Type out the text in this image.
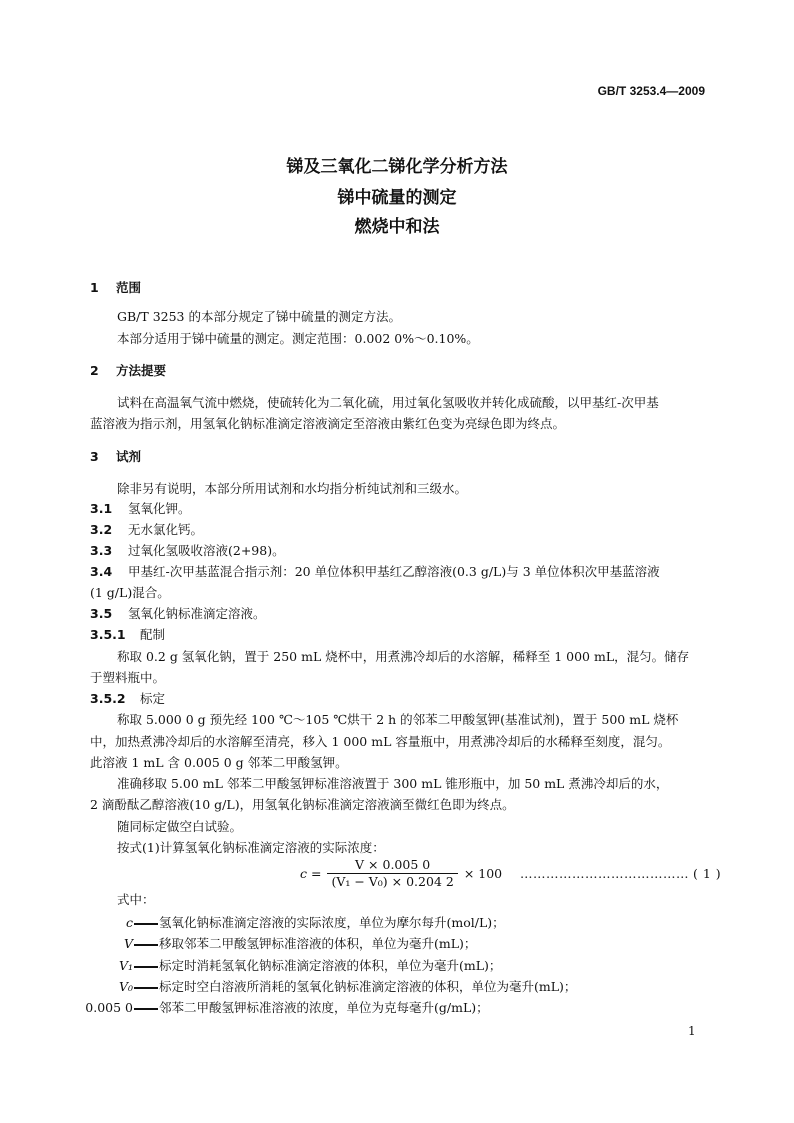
GB/T 3253.4—2009
锑及三氧化二锑化学分析方法
锑中硫量的测定
燃烧中和法
1 范围
GB/T 3253 的本部分规定了锑中硫量的测定方法。
本部分适用于锑中硫量的测定。测定范围：0.002 0%～0.10%。
2 方法提要
试料在高温氧气流中燃烧，使硫转化为二氧化硫，用过氧化氢吸收并转化成硫酸，以甲基红-次甲基
蓝溶液为指示剂，用氢氧化钠标准滴定溶液滴定至溶液由紫红色变为亮绿色即为终点。
3 试剂
除非另有说明，本部分所用试剂和水均指分析纯试剂和三级水。
3.1 氢氧化钾。
3.2 无水氯化钙。
3.3 过氧化氢吸收溶液(2+98)。
3.4 甲基红-次甲基蓝混合指示剂：20 单位体积甲基红乙醇溶液(0.3 g/L)与 3 单位体积次甲基蓝溶液
(1 g/L)混合。
3.5 氢氧化钠标准滴定溶液。
3.5.1 配制
称取 0.2 g 氢氧化钠，置于 250 mL 烧杯中，用煮沸冷却后的水溶解，稀释至 1 000 mL，混匀。储存
于塑料瓶中。
3.5.2 标定
称取 5.000 0 g 预先经 100 ℃～105 ℃烘干 2 h 的邻苯二甲酸氢钾(基准试剂)，置于 500 mL 烧杯
中，加热煮沸冷却后的水溶解至清亮，移入 1 000 mL 容量瓶中，用煮沸冷却后的水稀释至刻度，混匀。
此溶液 1 mL 含 0.005 0 g 邻苯二甲酸氢钾。
准确移取 5.00 mL 邻苯二甲酸氢钾标准溶液置于 300 mL 锥形瓶中，加 50 mL 煮沸冷却后的水，
2 滴酚酞乙醇溶液(10 g/L)，用氢氧化钠标准滴定溶液滴至微红色即为终点。
随同标定做空白试验。
按式(1)计算氢氧化钠标准滴定溶液的实际浓度：
$c = \frac{V \times 0.005 0}{\text{(V₁ − V₀) × 0.204 2}} \times 100$ ………………………………… ( 1 )
式中：
c 氢氧化钠标准滴定溶液的实际浓度，单位为摩尔每升(mol/L)；
V 移取邻苯二甲酸氢钾标准溶液的体积，单位为毫升(mL)；
V₁ 标定时消耗氢氧化钠标准滴定溶液的体积，单位为毫升(mL)；
V₀ 标定时空白溶液所消耗的氢氧化钠标准滴定溶液的体积，单位为毫升(mL)；
0.005 0 邻苯二甲酸氢钾标准溶液的浓度，单位为克每毫升(g/mL)；
1
